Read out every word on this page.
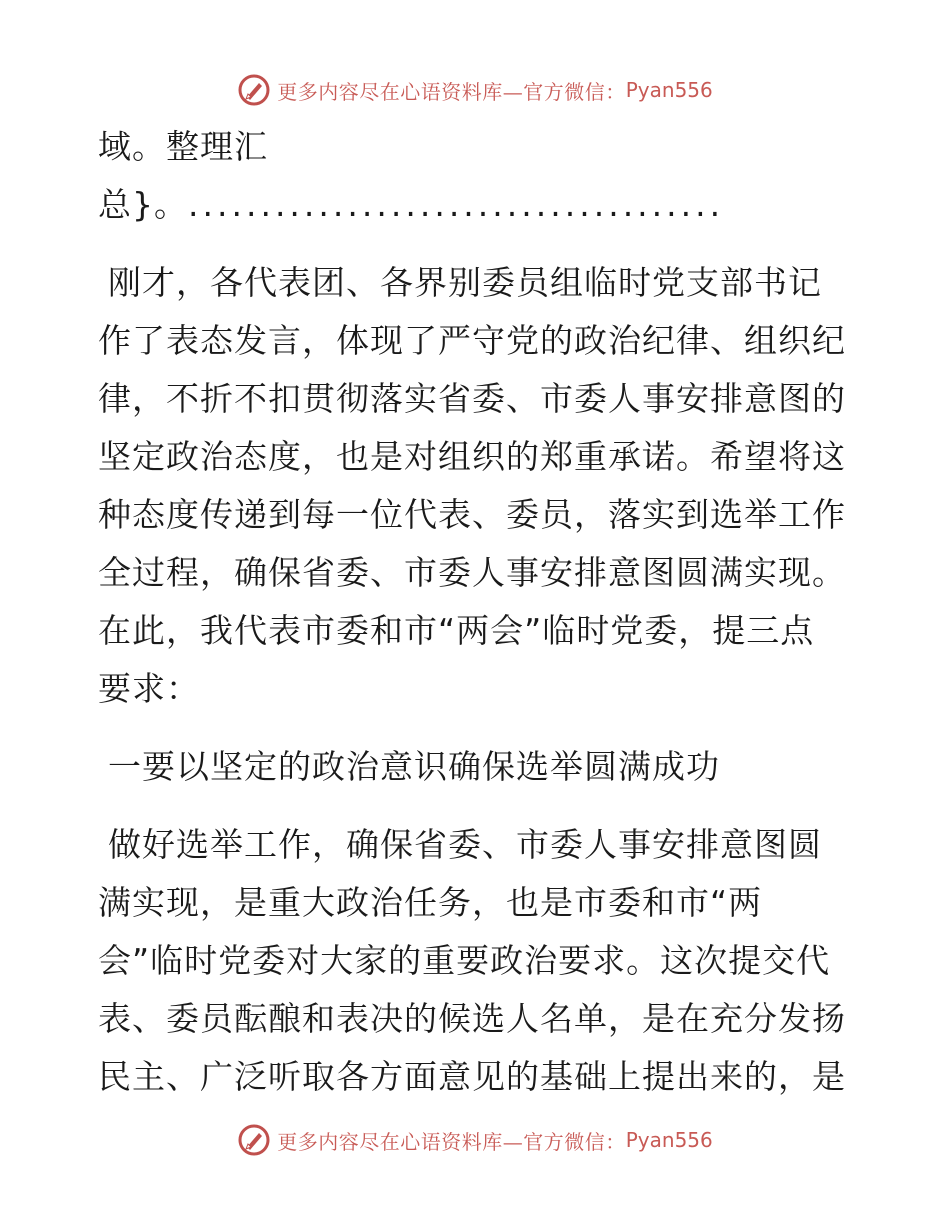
更多内容尽在心语资料库—官方微信： Pyan556
域。整理汇
总}。.....................................
刚才，各代表团、各界别委员组临时党支部书记
作了表态发言，体现了严守党的政治纪律、组织纪
律，不折不扣贯彻落实省委、市委人事安排意图的
坚定政治态度，也是对组织的郑重承诺。希望将这
种态度传递到每一位代表、委员，落实到选举工作
全过程，确保省委、市委人事安排意图圆满实现。
在此，我代表市委和市“两会”临时党委，提三点
要求：
一要以坚定的政治意识确保选举圆满成功
做好选举工作，确保省委、市委人事安排意图圆
满实现，是重大政治任务，也是市委和市“两
会”临时党委对大家的重要政治要求。这次提交代
表、委员酝酿和表决的候选人名单，是在充分发扬
民主、广泛听取各方面意见的基础上提出来的，是
更多内容尽在心语资料库—官方微信： Pyan556
